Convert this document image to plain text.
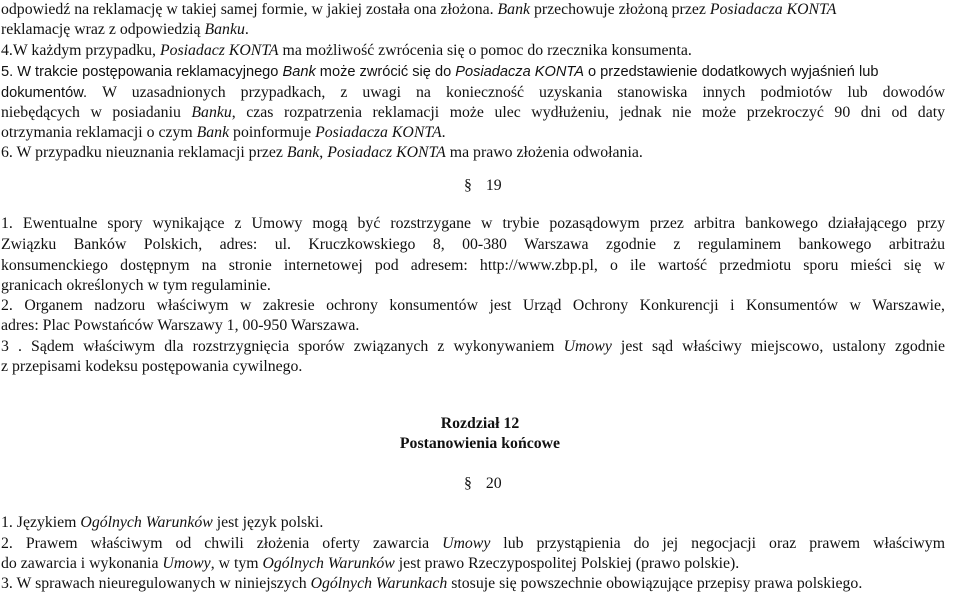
odpowiedź na reklamację w takiej samej formie, w jakiej została ona złożona. Bank przechowuje złożoną przez Posiadacza KONTA
reklamację wraz z odpowiedzią Banku.
4.W każdym przypadku, Posiadacz KONTA ma możliwość zwrócenia się o pomoc do rzecznika konsumenta.
5. W trakcie postępowania reklamacyjnego Bank może zwrócić się do Posiadacza KONTA o przedstawienie dodatkowych wyjaśnień lub
dokumentów. W uzasadnionych przypadkach, z uwagi na konieczność uzyskania stanowiska innych podmiotów lub dowodów
niebędących w posiadaniu Banku, czas rozpatrzenia reklamacji może ulec wydłużeniu, jednak nie może przekroczyć 90 dni od daty
otrzymania reklamacji o czym Bank poinformuje Posiadacza KONTA.
6. W przypadku nieuznania reklamacji przez Bank, Posiadacz KONTA ma prawo złożenia odwołania.
§ 19
1. Ewentualne spory wynikające z Umowy mogą być rozstrzygane w trybie pozasądowym przez arbitra bankowego działającego przy
Związku Banków Polskich, adres: ul. Kruczkowskiego 8, 00-380 Warszawa zgodnie z regulaminem bankowego arbitrażu
konsumenckiego dostępnym na stronie internetowej pod adresem: http://www.zbp.pl, o ile wartość przedmiotu sporu mieści się w
granicach określonych w tym regulaminie.
2. Organem nadzoru właściwym w zakresie ochrony konsumentów jest Urząd Ochrony Konkurencji i Konsumentów w Warszawie,
adres: Plac Powstańców Warszawy 1, 00-950 Warszawa.
3 . Sądem właściwym dla rozstrzygnięcia sporów związanych z wykonywaniem Umowy jest sąd właściwy miejscowo, ustalony zgodnie
z przepisami kodeksu postępowania cywilnego.
Rozdział 12
Postanowienia końcowe
§ 20
1. Językiem Ogólnych Warunków jest język polski.
2. Prawem właściwym od chwili złożenia oferty zawarcia Umowy lub przystąpienia do jej negocjacji oraz prawem właściwym
do zawarcia i wykonania Umowy, w tym Ogólnych Warunków jest prawo Rzeczypospolitej Polskiej (prawo polskie).
3. W sprawach nieuregulowanych w niniejszych Ogólnych Warunkach stosuje się powszechnie obowiązujące przepisy prawa polskiego.
